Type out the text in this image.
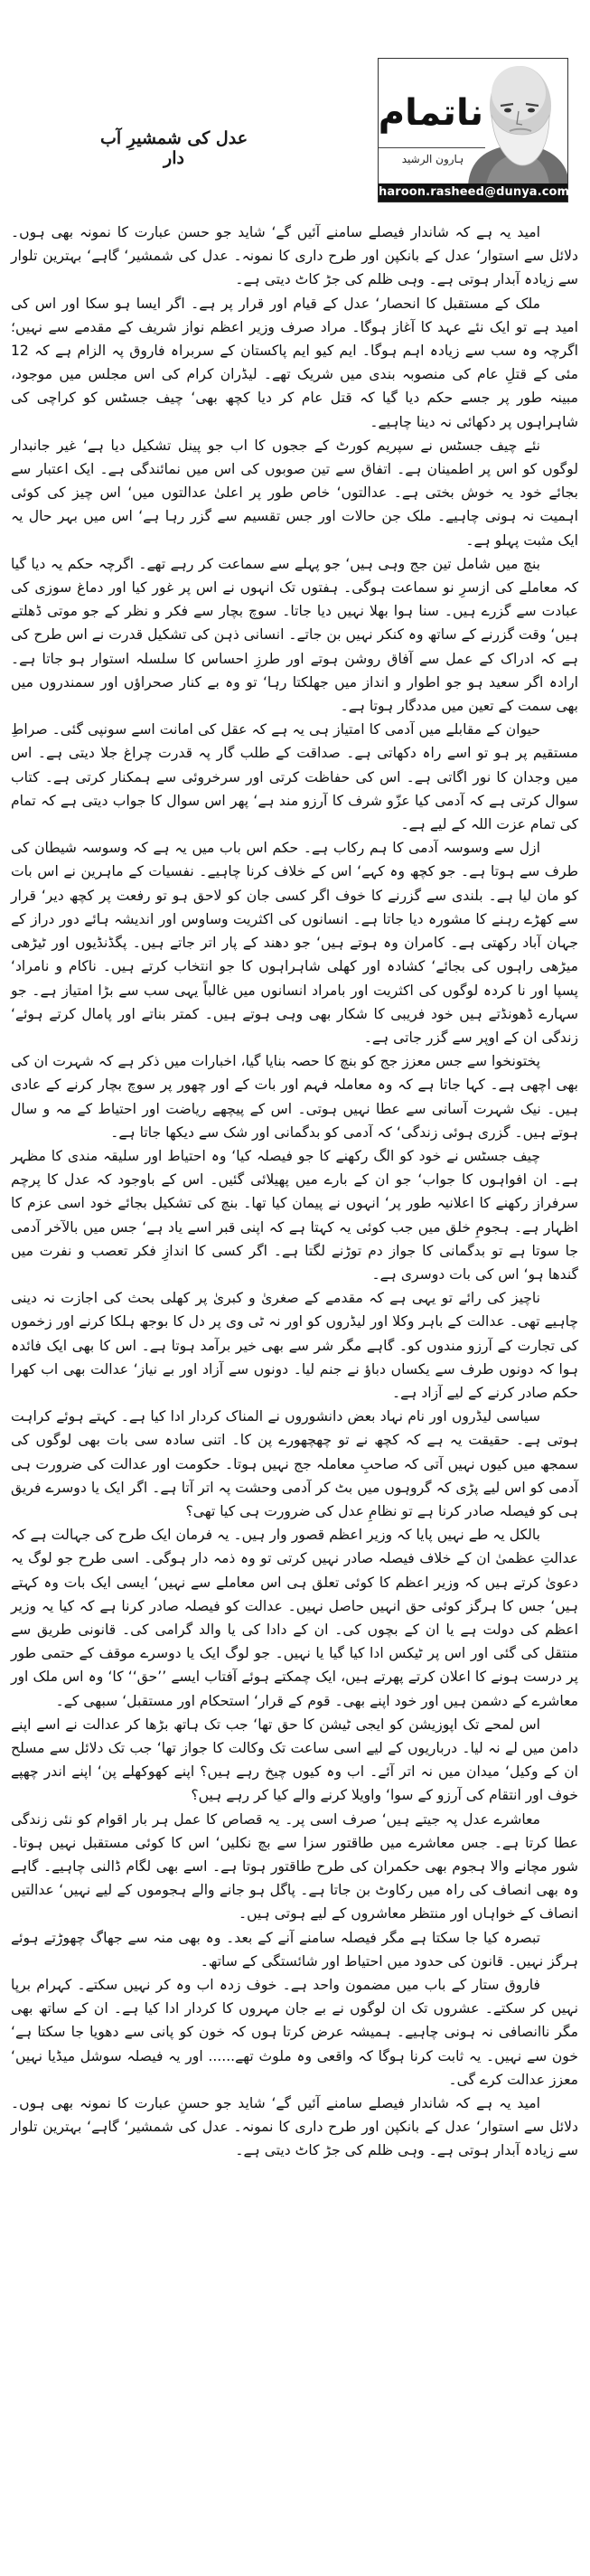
عدل کی شمشیرِ آب دار
ناتمام
ہارون الرشید
haroon.rasheed@dunya.com.pk

امید یہ ہے کہ شاندار فیصلے سامنے آئیں گے‘ شاید جو حسن عبارت کا نمونہ بھی ہوں۔ دلائل سے استوار‘ عدل کے بانکپن اور طرح داری کا نمونہ۔ عدل کی شمشیر‘ گاہے‘ بہترین تلوار سے زیادہ آبدار ہوتی ہے۔ وہی ظلم کی جڑ کاٹ دیتی ہے۔

ملک کے مستقبل کا انحصار‘ عدل کے قیام اور قرار پر ہے۔ اگر ایسا ہو سکا اور اس کی امید ہے تو ایک نئے عہد کا آغاز ہوگا۔ مراد صرف وزیر اعظم نواز شریف کے مقدمے سے نہیں؛ اگرچہ وہ سب سے زیادہ اہم ہوگا۔ ایم کیو ایم پاکستان کے سربراہ فاروق پہ الزام ہے کہ 12 مئی کے قتلِ عام کی منصوبہ بندی میں شریک تھے۔ لیڈران کرام کی اس مجلس میں موجود، مبینہ طور پر جسے حکم دیا گیا کہ قتل عام کر دیا کچھ بھی‘ چیف جسٹس کو کراچی کی شاہراہوں پر دکھائی نہ دینا چاہیے۔

نئے چیف جسٹس نے سپریم کورٹ کے ججوں کا اب جو پینل تشکیل دیا ہے‘ غیر جانبدار لوگوں کو اس پر اطمینان ہے۔ اتفاق سے تین صوبوں کی اس میں نمائندگی ہے۔ ایک اعتبار سے بجائے خود یہ خوش بختی ہے۔ عدالتوں‘ خاص طور پر اعلیٰ عدالتوں میں‘ اس چیز کی کوئی اہمیت نہ ہونی چاہیے۔ ملک جن حالات اور جس تقسیم سے گزر رہا ہے‘ اس میں بہر حال یہ ایک مثبت پہلو ہے۔

بنچ میں شامل تین جج وہی ہیں‘ جو پہلے سے سماعت کر رہے تھے۔ اگرچہ حکم یہ دیا گیا کہ معاملے کی ازسرِ نو سماعت ہوگی۔ ہفتوں تک انہوں نے اس پر غور کیا اور دماغ سوزی کی عبادت سے گزرے ہیں۔ سنا ہوا بھلا نہیں دیا جاتا۔ سوچ بچار سے فکر و نظر کے جو موتی ڈھلتے ہیں‘ وقت گزرنے کے ساتھ وہ کنکر نہیں بن جاتے۔ انسانی ذہن کی تشکیل قدرت نے اس طرح کی ہے کہ ادراک کے عمل سے آفاق روشن ہوتے اور طرزِ احساس کا سلسلہ استوار ہو جاتا ہے۔ ارادہ اگر سعید ہو جو اطوار و انداز میں جھلکتا رہا‘ تو وہ بے کنار صحراؤں اور سمندروں میں بھی سمت کے تعین میں مددگار ہوتا ہے۔

حیوان کے مقابلے میں آدمی کا امتیاز ہی یہ ہے کہ عقل کی امانت اسے سونپی گئی۔ صراطِ مستقیم پر ہو تو اسے راہ دکھاتی ہے۔ صداقت کے طلب گار پہ قدرت چراغ جلا دیتی ہے۔ اس میں وجدان کا نور اگاتی ہے۔ اس کی حفاظت کرتی اور سرخروئی سے ہمکنار کرتی ہے۔ کتاب سوال کرتی ہے کہ آدمی کیا عزّو شرف کا آرزو مند ہے‘ پھر اس سوال کا جواب دیتی ہے کہ تمام کی تمام عزت اللہ کے لیے ہے۔

ازل سے وسوسہ آدمی کا ہم رکاب ہے۔ حکم اس باب میں یہ ہے کہ وسوسہ شیطان کی طرف سے ہوتا ہے۔ جو کچھ وہ کہے‘ اس کے خلاف کرنا چاہیے۔ نفسیات کے ماہرین نے اس بات کو مان لیا ہے۔ بلندی سے گزرنے کا خوف اگر کسی جان کو لاحق ہو تو رفعت پر کچھ دیر‘ قرار سے کھڑے رہنے کا مشورہ دیا جاتا ہے۔ انسانوں کی اکثریت وساوس اور اندیشہ ہائے دور دراز کے جہان آباد رکھتی ہے۔ کامران وہ ہوتے ہیں‘ جو دھند کے پار اتر جاتے ہیں۔ پگڈنڈیوں اور ٹیڑھی میڑھی راہوں کی بجائے‘ کشادہ اور کھلی شاہراہوں کا جو انتخاب کرتے ہیں۔ ناکام و نامراد‘ پسپا اور نا کردہ لوگوں کی اکثریت اور بامراد انسانوں میں غالباً یہی سب سے بڑا امتیاز ہے۔ جو سہارے ڈھونڈتے ہیں خود فریبی کا شکار بھی وہی ہوتے ہیں۔ کمتر بناتے اور پامال کرتے ہوئے‘ زندگی ان کے اوپر سے گزر جاتی ہے۔

پختونخوا سے جس معزز جج کو بنچ کا حصہ بنایا گیا، اخبارات میں ذکر ہے کہ شہرت ان کی بھی اچھی ہے۔ کہا جاتا ہے کہ وہ معاملہ فہم اور بات کے اور چھور پر سوچ بچار کرنے کے عادی ہیں۔ نیک شہرت آسانی سے عطا نہیں ہوتی۔ اس کے پیچھے ریاضت اور احتیاط کے مہ و سال ہوتے ہیں۔ گزری ہوئی زندگی‘ کہ آدمی کو بدگمانی اور شک سے دیکھا جاتا ہے۔

چیف جسٹس نے خود کو الگ رکھنے کا جو فیصلہ کیا‘ وہ احتیاط اور سلیقہ مندی کا مظہر ہے۔ ان افواہوں کا جواب‘ جو ان کے بارے میں پھیلائی گئیں۔ اس کے باوجود کہ عدل کا پرچم سرفراز رکھنے کا اعلانیہ طور پر‘ انہوں نے پیمان کیا تھا۔ بنچ کی تشکیل بجائے خود اسی عزم کا اظہار ہے۔ ہجومِ خلق میں جب کوئی یہ کہتا ہے کہ اپنی قبر اسے یاد ہے‘ جس میں بالآخر آدمی جا سوتا ہے تو بدگمانی کا جواز دم توڑنے لگتا ہے۔ اگر کسی کا اندازِ فکر تعصب و نفرت میں گندھا ہو‘ اس کی بات دوسری ہے۔

ناچیز کی رائے تو یہی ہے کہ مقدمے کے صغریٰ و کبریٰ پر کھلی بحث کی اجازت نہ دینی چاہیے تھی۔ عدالت کے باہر وکلا اور لیڈروں کو اور نہ ٹی وی پر دل کا بوجھ ہلکا کرنے اور زخموں کی تجارت کے آرزو مندوں کو۔ گاہے مگر شر سے بھی خیر برآمد ہوتا ہے۔ اس کا بھی ایک فائدہ ہوا کہ دونوں طرف سے یکساں دباؤ نے جنم لیا۔ دونوں سے آزاد اور بے نیاز‘ عدالت بھی اب کھرا حکم صادر کرنے کے لیے آزاد ہے۔

سیاسی لیڈروں اور نام نہاد بعض دانشوروں نے المناک کردار ادا کیا ہے۔ کہتے ہوئے کراہت ہوتی ہے۔ حقیقت یہ ہے کہ کچھ نے تو چھچھورے پن کا۔ اتنی سادہ سی بات بھی لوگوں کی سمجھ میں کیوں نہیں آتی کہ صاحبِ معاملہ جج نہیں ہوتا۔ حکومت اور عدالت کی ضرورت ہی آدمی کو اس لیے پڑی کہ گروہوں میں بٹ کر آدمی وحشت پہ اتر آتا ہے۔ اگر ایک یا دوسرے فریق ہی کو فیصلہ صادر کرنا ہے تو نظامِ عدل کی ضرورت ہی کیا تھی؟

بالکل یہ طے نہیں پایا کہ وزیر اعظم قصور وار ہیں۔ یہ فرمان ایک طرح کی جہالت ہے کہ عدالتِ عظمیٰ ان کے خلاف فیصلہ صادر نہیں کرتی تو وہ ذمہ دار ہوگی۔ اسی طرح جو لوگ یہ دعویٰ کرتے ہیں کہ وزیر اعظم کا کوئی تعلق ہی اس معاملے سے نہیں‘ ایسی ایک بات وہ کہتے ہیں‘ جس کا ہرگز کوئی حق انہیں حاصل نہیں۔ عدالت کو فیصلہ صادر کرنا ہے کہ کیا یہ وزیر اعظم کی دولت ہے یا ان کے بچوں کی۔ ان کے دادا کی یا والد گرامی کی۔ قانونی طریق سے منتقل کی گئی اور اس پر ٹیکس ادا کیا گیا یا نہیں۔ جو لوگ ایک یا دوسرے موقف کے حتمی طور پر درست ہونے کا اعلان کرتے پھرتے ہیں، ایک چمکتے ہوئے آفتاب ایسے ’’حق‘‘ کا‘ وہ اس ملک اور معاشرے کے دشمن ہیں اور خود اپنے بھی۔ قوم کے قرار‘ استحکام اور مستقبل‘ سبھی کے۔

اس لمحے تک اپوزیشن کو ایجی ٹیشن کا حق تھا‘ جب تک ہاتھ بڑھا کر عدالت نے اسے اپنے دامن میں لے نہ لیا۔ درباریوں کے لیے اسی ساعت تک وکالت کا جواز تھا‘ جب تک دلائل سے مسلح ان کے وکیل‘ میدان میں نہ اتر آئے۔ اب وہ کیوں چیخ رہے ہیں؟ اپنے کھوکھلے پن‘ اپنے اندر چھپے خوف اور انتقام کی آرزو کے سوا‘ واویلا کرنے والے کیا کر رہے ہیں؟

معاشرے عدل پہ جیتے ہیں‘ صرف اسی پر۔ یہ قصاص کا عمل ہر بار اقوام کو نئی زندگی عطا کرتا ہے۔ جس معاشرے میں طاقتور سزا سے بچ نکلیں‘ اس کا کوئی مستقبل نہیں ہوتا۔ شور مچانے والا ہجوم بھی حکمران کی طرح طاقتور ہوتا ہے۔ اسے بھی لگام ڈالنی چاہیے۔ گاہے وہ بھی انصاف کی راہ میں رکاوٹ بن جاتا ہے۔ پاگل ہو جانے والے ہجوموں کے لیے نہیں‘ عدالتیں انصاف کے خواہاں اور منتظر معاشروں کے لیے ہوتی ہیں۔

تبصرہ کیا جا سکتا ہے مگر فیصلہ سامنے آنے کے بعد۔ وہ بھی منہ سے جھاگ چھوڑتے ہوئے ہرگز نہیں۔ قانون کی حدود میں احتیاط اور شائستگی کے ساتھ۔

فاروق ستار کے باب میں مضمون واحد ہے۔ خوف زدہ اب وہ کر نہیں سکتے۔ کہرام برپا نہیں کر سکتے۔ عشروں تک ان لوگوں نے بے جان مہروں کا کردار ادا کیا ہے۔ ان کے ساتھ بھی مگر ناانصافی نہ ہونی چاہیے۔ ہمیشہ عرض کرتا ہوں کہ خون کو پانی سے دھویا جا سکتا ہے‘ خون سے نہیں۔ یہ ثابت کرنا ہوگا کہ واقعی وہ ملوث تھے...... اور یہ فیصلہ سوشل میڈیا نہیں‘ معزز عدالت کرے گی۔

امید یہ ہے کہ شاندار فیصلے سامنے آئیں گے‘ شاید جو حسنِ عبارت کا نمونہ بھی ہوں۔ دلائل سے استوار‘ عدل کے بانکپن اور طرح داری کا نمونہ۔ عدل کی شمشیر‘ گاہے‘ بہترین تلوار سے زیادہ آبدار ہوتی ہے۔ وہی ظلم کی جڑ کاٹ دیتی ہے۔
